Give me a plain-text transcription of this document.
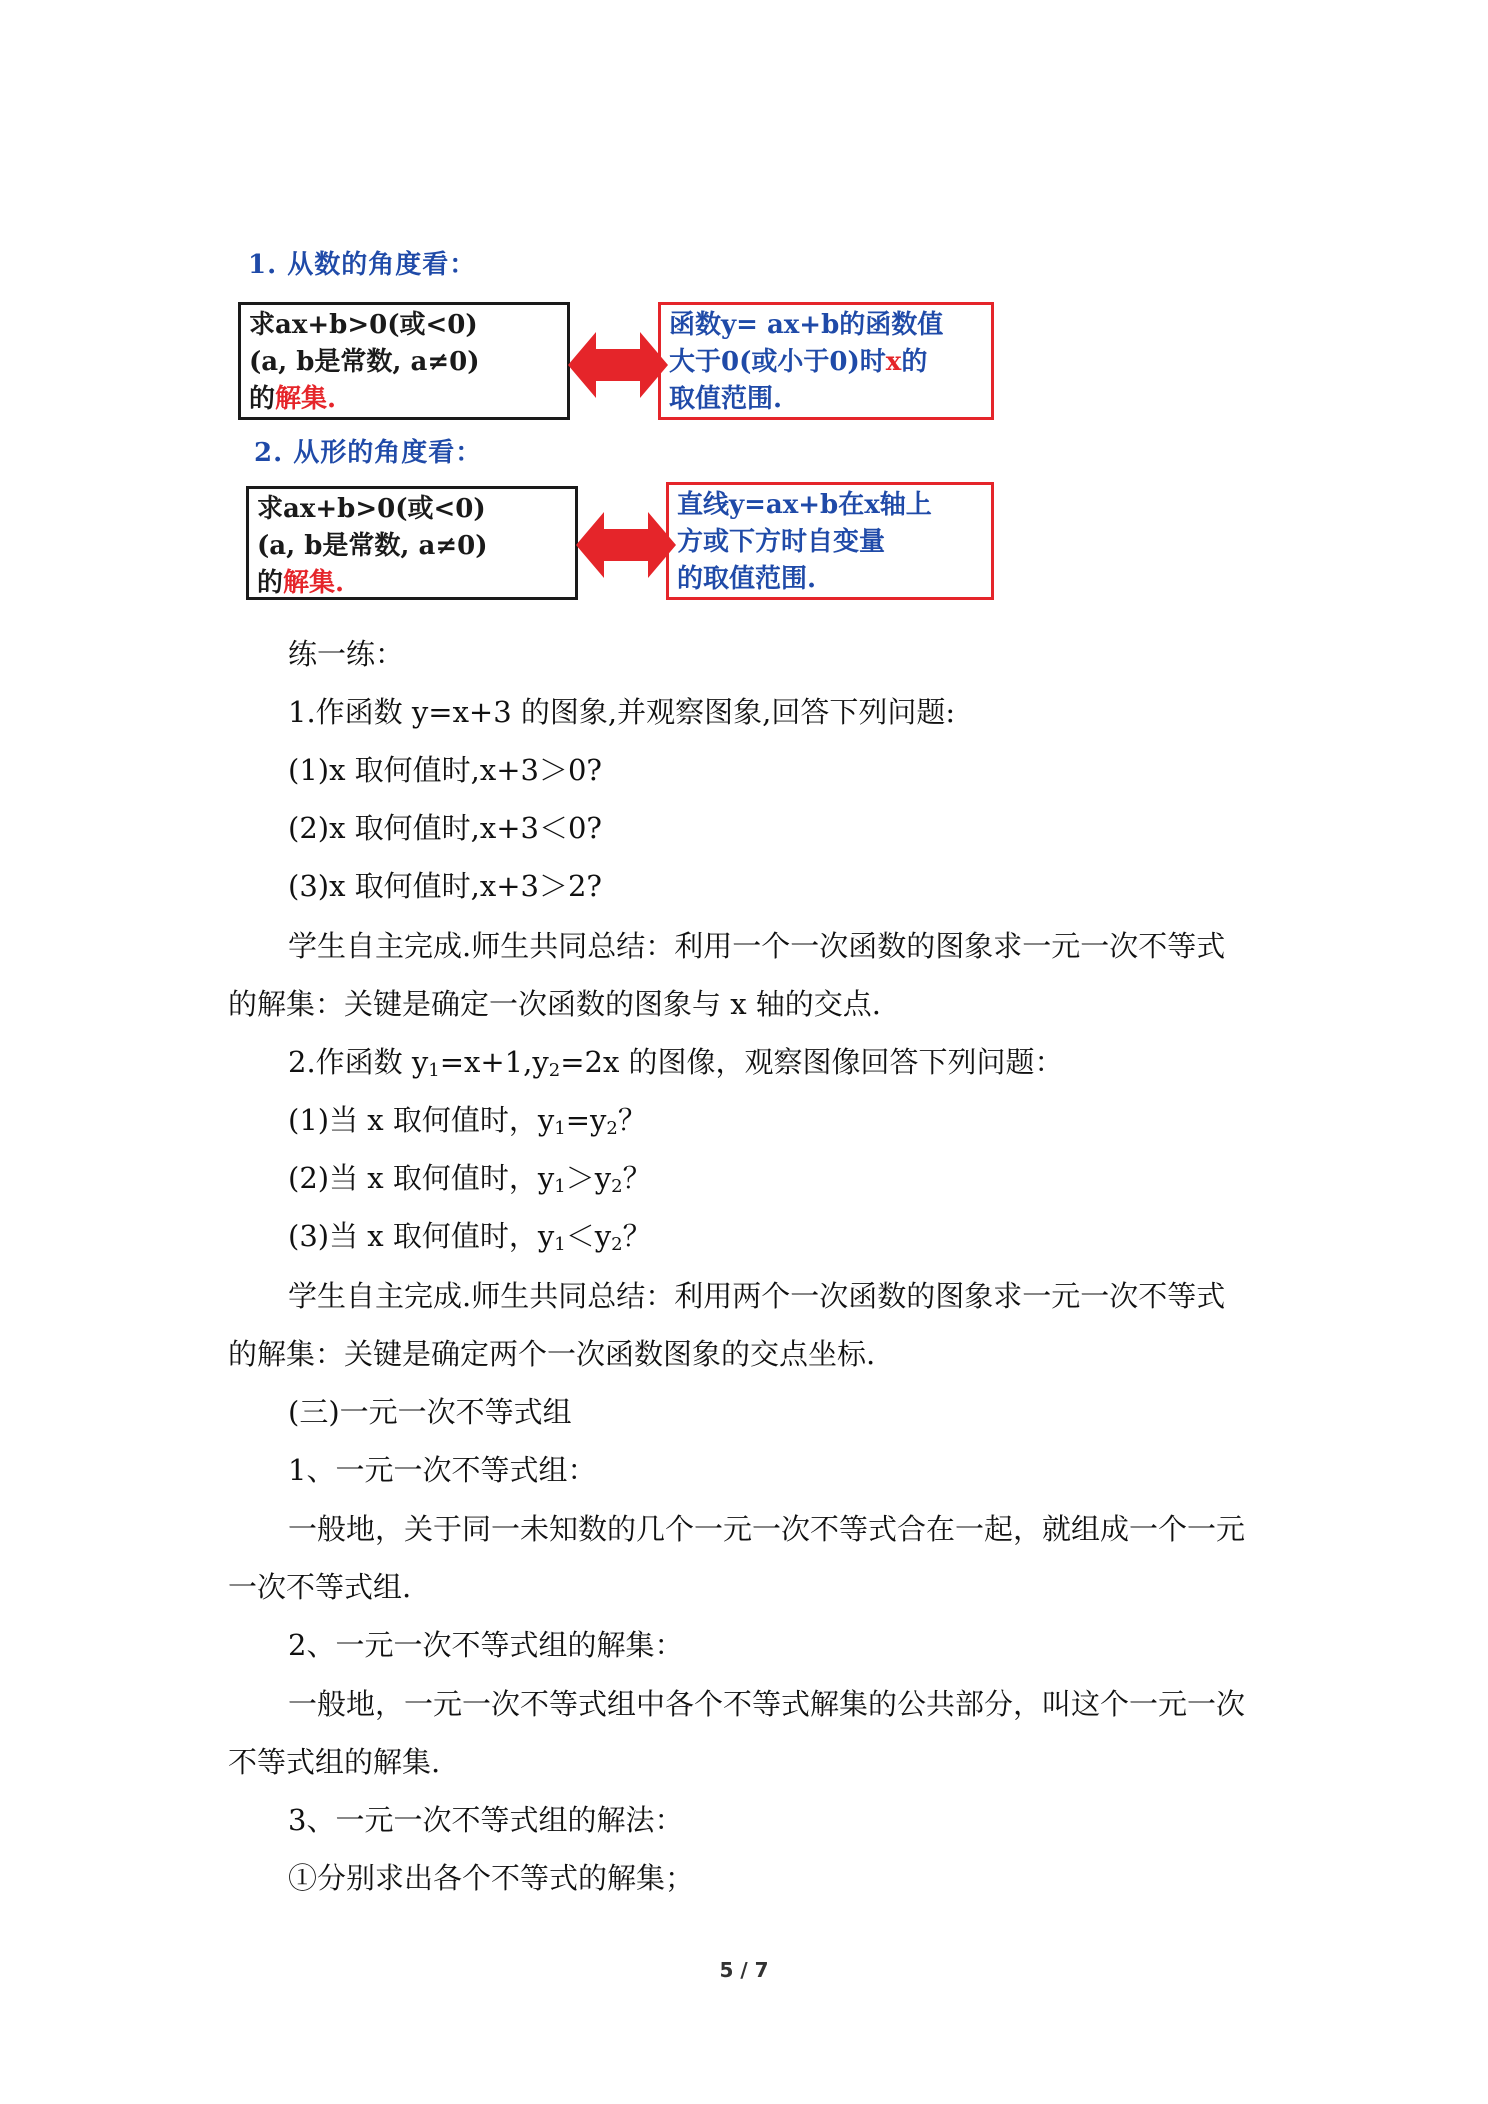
1. 从数的角度看：
求ax+b>0(或<0)
(a, b是常数, a≠0)
的解集.
函数y= ax+b的函数值
大于0(或小于0)时x的
取值范围.
2. 从形的角度看：
求ax+b>0(或<0)
(a, b是常数, a≠0)
的解集.
直线y=ax+b在x轴上
方或下方时自变量
的取值范围.
练一练：
1.作函数 y=x+3 的图象,并观察图象,回答下列问题:
(1)x 取何值时,x+3＞0?
(2)x 取何值时,x+3＜0?
(3)x 取何值时,x+3＞2?
学生自主完成.师生共同总结：利用一个一次函数的图象求一元一次不等式
的解集：关键是确定一次函数的图象与 x 轴的交点.
2.作函数 $y_1=x+1,y_2=2x$ 的图像，观察图像回答下列问题：
(1)当 x 取何值时，$y_1=y_2$？
(2)当 x 取何值时，$y_1>y_2$？
(3)当 x 取何值时，$y_1<y_2$？
学生自主完成.师生共同总结：利用两个一次函数的图象求一元一次不等式
的解集：关键是确定两个一次函数图象的交点坐标.
(三)一元一次不等式组
1、一元一次不等式组：
一般地，关于同一未知数的几个一元一次不等式合在一起，就组成一个一元
一次不等式组.
2、一元一次不等式组的解集：
一般地，一元一次不等式组中各个不等式解集的公共部分，叫这个一元一次
不等式组的解集.
3、一元一次不等式组的解法：
①分别求出各个不等式的解集；
5 / 7
